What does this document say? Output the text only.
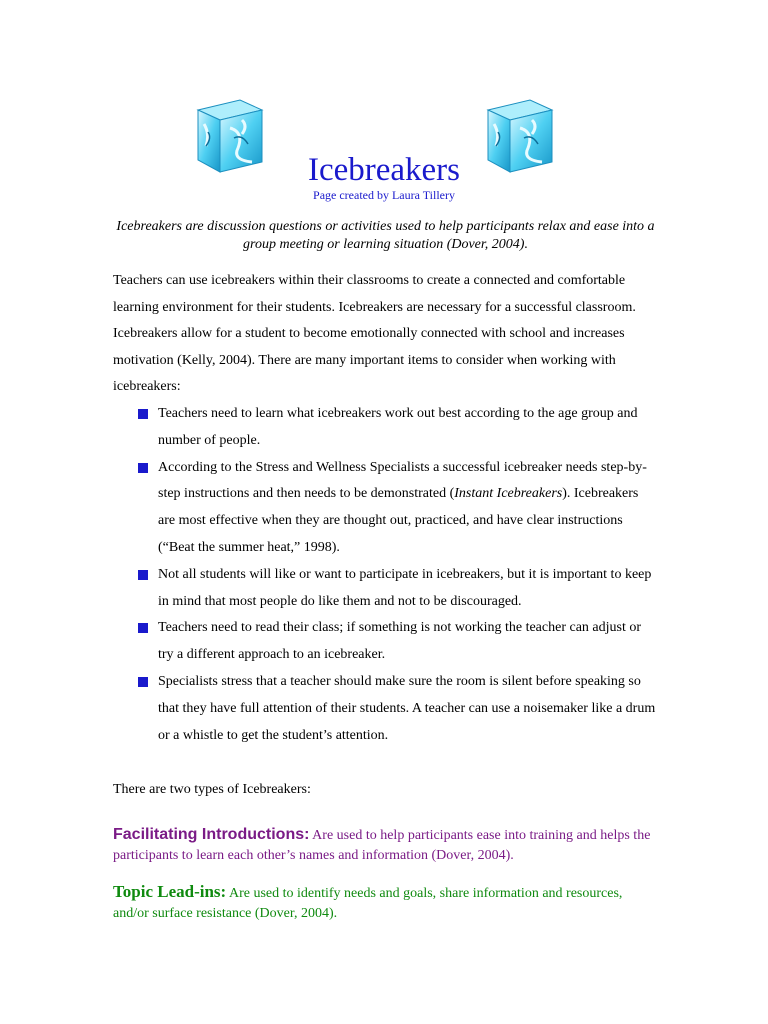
Icebreakers
Page created by Laura Tillery
Icebreakers are discussion questions or activities used to help participants relax and ease into a group meeting or learning situation (Dover, 2004).
Teachers can use icebreakers within their classrooms to create a connected and comfortable learning environment for their students. Icebreakers are necessary for a successful classroom. Icebreakers allow for a student to become emotionally connected with school and increases motivation (Kelly, 2004). There are many important items to consider when working with icebreakers:
Teachers need to learn what icebreakers work out best according to the age group and number of people.
According to the Stress and Wellness Specialists a successful icebreaker needs step-by-step instructions and then needs to be demonstrated (Instant Icebreakers). Icebreakers are most effective when they are thought out, practiced, and have clear instructions (“Beat the summer heat,” 1998).
Not all students will like or want to participate in icebreakers, but it is important to keep in mind that most people do like them and not to be discouraged.
Teachers need to read their class; if something is not working the teacher can adjust or try a different approach to an icebreaker.
Specialists stress that a teacher should make sure the room is silent before speaking so that they have full attention of their students. A teacher can use a noisemaker like a drum or a whistle to get the student’s attention.
There are two types of Icebreakers:
Facilitating Introductions: Are used to help participants ease into training and helps the participants to learn each other’s names and information (Dover, 2004).
Topic Lead-ins: Are used to identify needs and goals, share information and resources, and/or surface resistance (Dover, 2004).
